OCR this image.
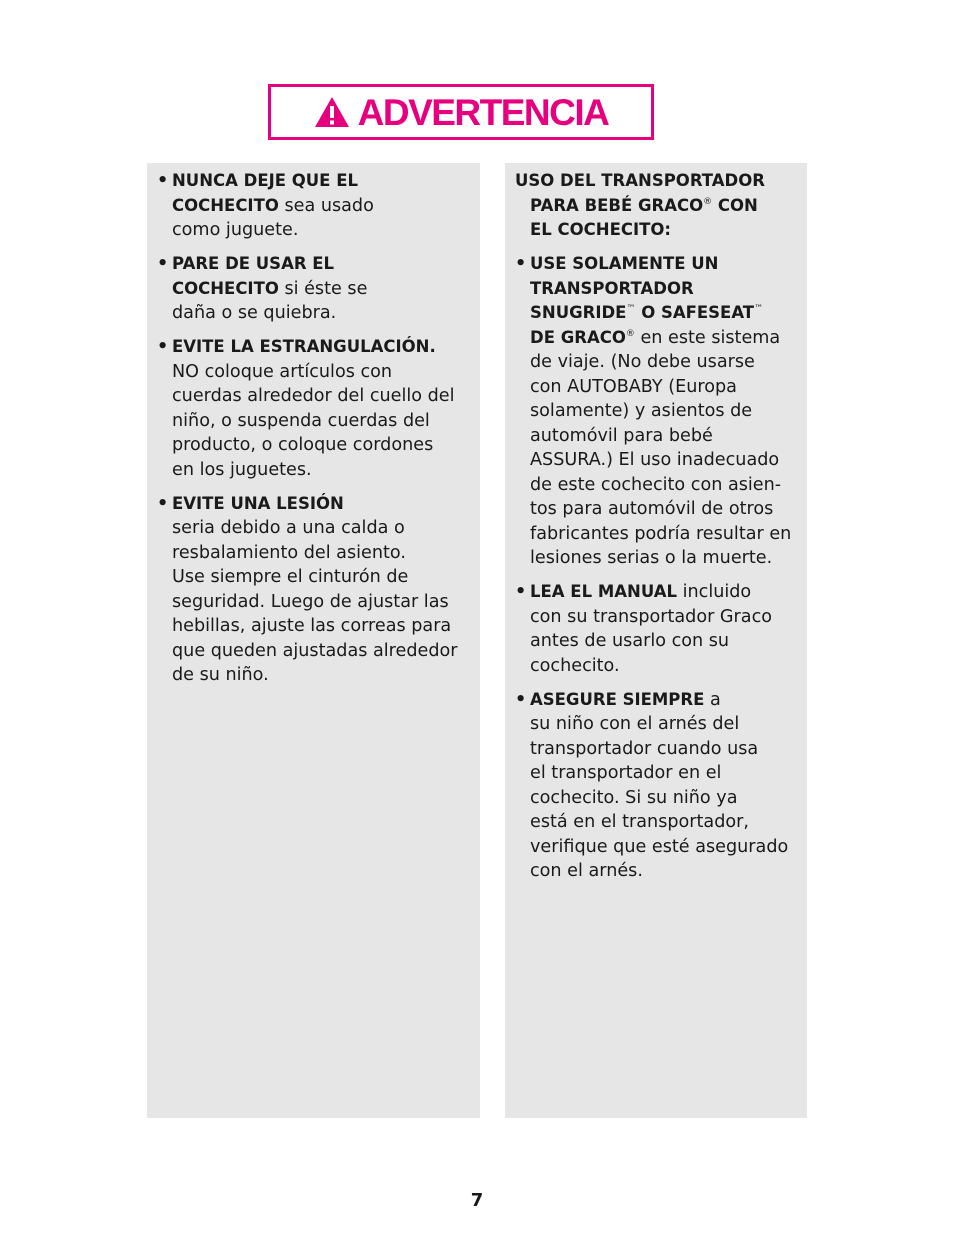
ADVERTENCIA
• NUNCA DEJE QUE EL
COCHECITO sea usado
como juguete.
• PARE DE USAR EL
COCHECITO si éste se
daña o se quiebra.
• EVITE LA ESTRANGULACIÓN.
NO coloque artículos con
cuerdas alrededor del cuello del
niño, o suspenda cuerdas del
producto, o coloque cordones
en los juguetes.
• EVITE UNA LESIÓN
seria debido a una calda o
resbalamiento del asiento.
Use siempre el cinturón de
seguridad. Luego de ajustar las
hebillas, ajuste las correas para
que queden ajustadas alrededor
de su niño.
USO DEL TRANSPORTADOR
PARA BEBÉ GRACO® CON
EL COCHECITO:
• USE SOLAMENTE UN
TRANSPORTADOR
SNUGRIDE™ O SAFESEAT™
DE GRACO® en este sistema
de viaje. (No debe usarse
con AUTOBABY (Europa
solamente) y asientos de
automóvil para bebé
ASSURA.) El uso inadecuado
de este cochecito con asien-
tos para automóvil de otros
fabricantes podría resultar en
lesiones serias o la muerte.
• LEA EL MANUAL incluido
con su transportador Graco
antes de usarlo con su
cochecito.
• ASEGURE SIEMPRE a
su niño con el arnés del
transportador cuando usa
el transportador en el
cochecito. Si su niño ya
está en el transportador,
verifique que esté asegurado
con el arnés.
7
